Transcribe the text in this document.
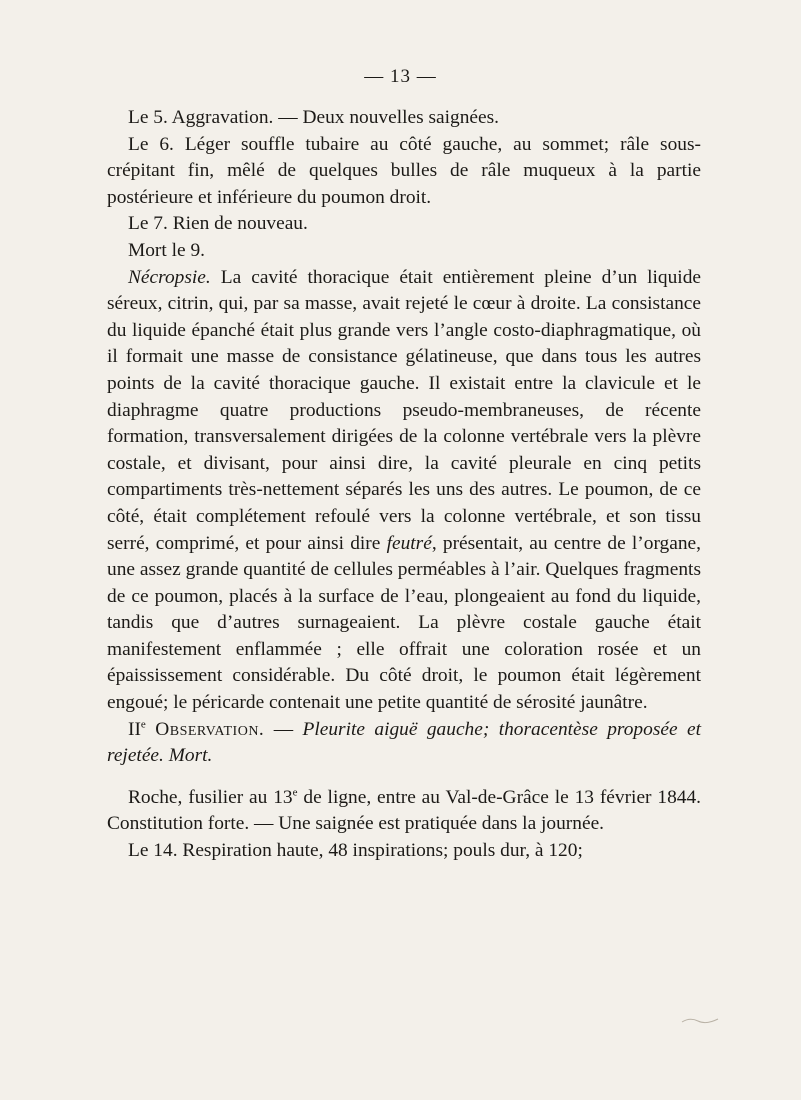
— 13 —

Le 5. Aggravation. — Deux nouvelles saignées.

Le 6. Léger souffle tubaire au côté gauche, au sommet; râle sous-crépitant fin, mêlé de quelques bulles de râle muqueux à la partie postérieure et inférieure du poumon droit.

Le 7. Rien de nouveau.

Mort le 9.

Nécropsie. La cavité thoracique était entièrement pleine d’un liquide séreux, citrin, qui, par sa masse, avait rejeté le cœur à droite. La consistance du liquide épanché était plus grande vers l’angle costo-diaphragmatique, où il formait une masse de consistance gélatineuse, que dans tous les autres points de la cavité thoracique gauche. Il existait entre la clavicule et le diaphragme quatre productions pseudo-membraneuses, de récente formation, transversalement dirigées de la colonne vertébrale vers la plèvre costale, et divisant, pour ainsi dire, la cavité pleurale en cinq petits compartiments très-nettement séparés les uns des autres. Le poumon, de ce côté, était complétement refoulé vers la colonne vertébrale, et son tissu serré, comprimé, et pour ainsi dire feutré, présentait, au centre de l’organe, une assez grande quantité de cellules perméables à l’air. Quelques fragments de ce poumon, placés à la surface de l’eau, plongeaient au fond du liquide, tandis que d’autres surnageaient. La plèvre costale gauche était manifestement enflammée ; elle offrait une coloration rosée et un épaississement considérable. Du côté droit, le poumon était légèrement engoué; le péricarde contenait une petite quantité de sérosité jaunâtre.

IIe Observation. — Pleurite aiguë gauche; thoracentèse proposée et rejetée. Mort.

Roche, fusilier au 13e de ligne, entre au Val-de-Grâce le 13 février 1844. Constitution forte. — Une saignée est pratiquée dans la journée.

Le 14. Respiration haute, 48 inspirations; pouls dur, à 120;
